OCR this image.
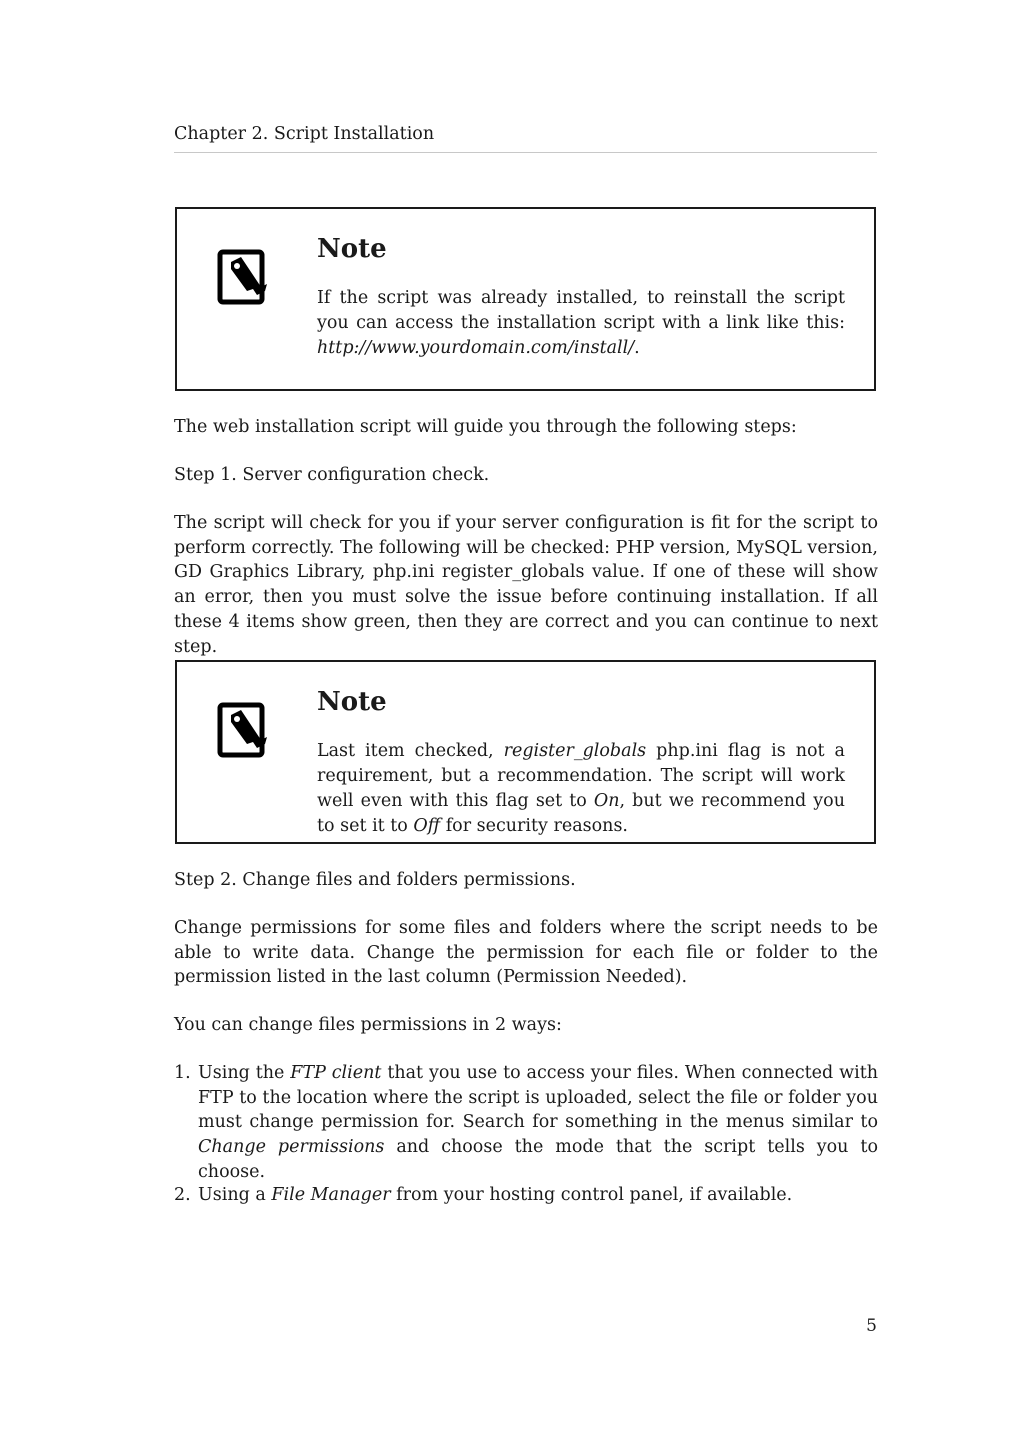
Chapter 2. Script Installation
Note

If the script was already installed, to reinstall the script you can access the installation script with a link like this: http://www.yourdomain.com/install/.

The web installation script will guide you through the following steps:

Step 1. Server configuration check.

The script will check for you if your server configuration is fit for the script to perform correctly. The following will be checked: PHP version, MySQL version, GD Graphics Library, php.ini register_globals value. If one of these will show an error, then you must solve the issue before continuing installation. If all these 4 items show green, then they are correct and you can continue to next step.

Note

Last item checked, register_globals php.ini flag is not a requirement, but a recommendation. The script will work well even with this flag set to On, but we recommend you to set it to Off for security reasons.

Step 2. Change files and folders permissions.

Change permissions for some files and folders where the script needs to be able to write data. Change the permission for each file or folder to the permission listed in the last column (Permission Needed).

You can change files permissions in 2 ways:

1. Using the FTP client that you use to access your files. When connected with FTP to the location where the script is uploaded, select the file or folder you must change permission for. Search for something in the menus similar to Change permissions and choose the mode that the script tells you to choose.
2. Using a File Manager from your hosting control panel, if available.
5
